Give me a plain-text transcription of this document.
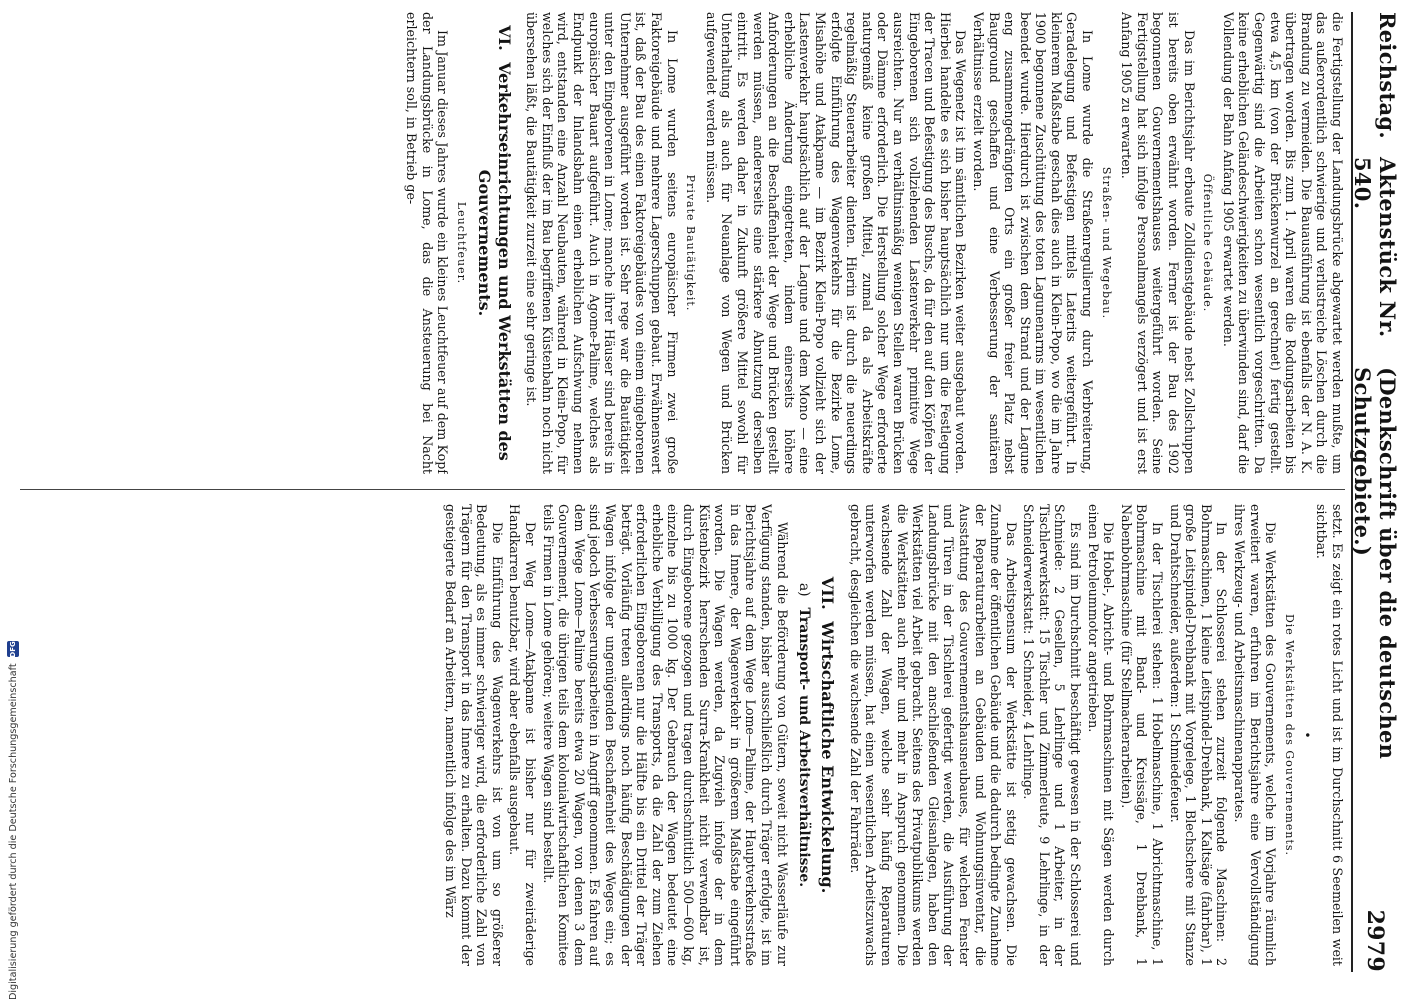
Reichstag.
Aktenstück Nr. 540.
(Denkschrift über die deutschen Schutzgebiete.)
2979

die Fertigstellung der Landungsbrücke abgewartet werden mußte, um das außerordentlich schwierige und verlustreiche Löschen durch die Brandung zu vermeiden. Die Bauausführung ist ebenfalls der N. A. K. übertragen worden. Bis zum 1. April waren die Rodungsarbeiten bis etwa 4,5 km (von der Brückenwurzel an gerechnet) fertig gestellt. Gegenwärtig sind die Arbeiten schon wesentlich vorgeschritten. Da keine erheblichen Geländeschwierigkeiten zu überwinden sind, darf die Vollendung der Bahn Anfang 1905 erwartet werden.

Öffentliche Gebäude.

Das im Berichtsjahr erbaute Zolldienstgebäude nebst Zollschuppen ist bereits oben erwähnt worden. Ferner ist der Bau des 1902 begonnenen Gouvernementshauses weitergeführt worden. Seine Fertigstellung hat sich infolge Personalmangels verzögert und ist erst Anfang 1905 zu erwarten.

Straßen- und Wegebau.

In Lome wurde die Straßenregulierung durch Verbreiterung, Geradelegung und Befestigen mittels Laterits weitergeführt. In kleinerem Maßstabe geschah dies auch in Klein-Popo, wo die im Jahre 1900 begonnene Zuschüttung des toten Lagunenarms im wesentlichen beendet wurde. Hierdurch ist zwischen dem Strand und der Lagune eng zusammengedrängten Orts ein großer freier Platz nebst Bauground geschaffen und eine Verbesserung der sanitären Verhältnisse erzielt worden.

Das Wegenetz ist im sämtlichen Bezirken weiter ausgebaut worden. Hierbei handelte es sich bisher hauptsächlich nur um die Festlegung der Tracen und Befestigung des Buschs, da für den auf den Köpfen der Eingeborenen sich vollziehenden Lastenverkehr primitive Wege ausreichten. Nur an verhältnismäßig wenigen Stellen waren Brücken oder Dämme erforderlich. Die Herstellung solcher Wege erforderte naturgemäß keine großen Mittel, zumal da als Arbeitskräfte regelmäßig Steuerarbeiter dienten. Hierin ist durch die neuerdings erfolgte Einführung des Wagenverkehrs für die Bezirke Lome, Misahöhe und Atakpame — im Bezirk Klein-Popo vollzieht sich der Lastenverkehr hauptsächlich auf der Lagune und dem Mono — eine erhebliche Änderung eingetreten, indem einerseits höhere Anforderungen an die Beschaffenheit der Wege und Brücken gestellt werden müssen, andererseits eine stärkere Abnutzung derselben eintritt. Es werden daher in Zukunft größere Mittel sowohl für Unterhaltung als auch für Neuanlage von Wegen und Brücken aufgewendet werden müssen.

Private Bautätigkeit.

In Lome wurden seitens europäischer Firmen zwei große Faktoreigebäude und mehrere Lagerschuppen gebaut. Erwähnenswert ist, daß der Bau des einen Faktoreigebäudes von einem eingeborenen Unternehmer ausgeführt worden ist. Sehr rege war die Bautätigkeit unter den Eingeborenen in Lome; manche ihrer Häuser sind bereits in europäischer Bauart aufgeführt. Auch in Agome-Palime, welches als Endpunkt der Inlandsbahn einen erheblichen Aufschwung nehmen wird, entstanden eine Anzahl Neubauten, während in Klein-Popo, für welches sich der Einfluß der im Bau begriffenen Küstenbahn noch nicht übersehen läßt, die Bautätigkeit zurzeit eine sehr geringe ist.

VI. Verkehrseinrichtungen und Werkstätten des Gouvernements.
Leuchtfeuer.

Im Januar dieses Jahres wurde ein kleines Leuchtfeuer auf dem Kopf der Landungsbrücke in Lome, das die Ansteuerung bei Nacht erleichtern soll, in Betrieb ge-

setzt. Es zeigt ein rotes Licht und ist im Durchschnitt 6 Seemeilen weit sichtbar.

•
Die Werkstätten des Gouvernements.

Die Werkstätten des Gouvernements, welche im Vorjahre räumlich erweitert waren, erfuhren im Berichtsjahre eine Vervollständigung ihres Werkzeug- und Arbeitsmaschinenapparates.

In der Schlosserei stehen zurzeit folgende Maschinen: 2 Bohrmaschinen, 1 kleine Leitspindel-Drehbank, 1 Kaltsäge (fahrbar), 1 große Leitspindel-Drehbank mit Vorgelege, 1 Blechschere mit Stanze und Drahtschneider, außerdem: 1 Schmiedefeuer.

In der Tischlerei stehen: 1 Hobelmaschine, 1 Abrichtmaschine, 1 Bohrmaschine mit Band- und Kreissäge, 1 Drehbank, 1 Nabenbohrmaschine (für Stellmacherarbeiten).

Die Hobel-, Abricht- und Bohrmaschinen mit Sägen werden durch einen Petroleummotor angetrieben.

Es sind im Durchschnitt beschäftigt gewesen in der Schlosserei und Schmiede: 2 Gesellen, 5 Lehrlinge und 1 Arbeiter, in der Tischlerwerkstatt: 15 Tischler und Zimmerleute, 9 Lehrlinge, in der Schneiderwerkstatt: 1 Schneider, 4 Lehrlinge.

Das Arbeitspensum der Werkstätte ist stetig gewachsen. Die Zunahme der öffentlichen Gebäude und die dadurch bedingte Zunahme der Reparaturarbeiten an Gebäuden und Wohnungsinventar, die Ausstattung des Gouvernementshausneubaues, für welchen Fenster und Türen in der Tischlerei gefertigt werden, die Ausführung der Landungsbrücke mit den anschließenden Gleisanlagen, haben den Werkstätten viel Arbeit gebracht. Seitens des Privatpublikums werden die Werkstätten auch mehr und mehr in Anspruch genommen. Die wachsende Zahl der Wagen, welche sehr häufig Reparaturen unterworfen werden müssen, hat einen wesentlichen Arbeitszuwachs gebracht, desgleichen die wachsende Zahl der Fahrräder.

VII. Wirtschaftliche Entwickelung.
a) Transport- und Arbeitsverhältnisse.

Während die Beförderung von Gütern, soweit nicht Wasserläufe zur Verfügung standen, bisher ausschließlich durch Träger erfolgte, ist im Berichtsjahre auf dem Wege Lome—Palime, der Hauptverkehrsstraße in das Innere, der Wagenverkehr in größerem Maßstabe eingeführt worden. Die Wagen werden, da Zugvieh infolge der in dem Küstenbezirk herrschenden Surra-Krankheit nicht verwendbar ist, durch Eingeborene gezogen und tragen durchschnittlich 500—600 kg, einzelne bis zu 1000 kg. Der Gebrauch der Wagen bedeutet eine erhebliche Verbilligung des Transports, da die Zahl der zum Ziehen erforderlichen Eingeborenen nur die Hälfte bis ein Drittel der Träger beträgt. Vorläufig treten allerdings noch häufig Beschädigungen der Wagen infolge der ungenügenden Beschaffenheit des Weges ein; es sind jedoch Verbesserungsarbeiten in Angriff genommen. Es fahren auf dem Wege Lome—Palime bereits etwa 20 Wagen, von denen 3 dem Gouvernement, die übrigen teils dem kolonialwirtschaftlichen Komitee teils Firmen in Lome gehören; weitere Wagen sind bestellt.

Der Weg Lome—Atakpame ist bisher nur für zweiräderige Handkarren benutzbar, wird aber ebenfalls ausgebaut.

Die Einführung des Wagenverkehrs ist von um so größerer Bedeutung, als es immer schwieriger wird, die erforderliche Zahl von Trägern für den Transport in das Innere zu erhalten. Dazu kommt der gesteigerte Bedarf an Arbeitern, namentlich infolge des im Wärz

Digitalisierung gefördert durch die Deutsche Forschungsgemeinschaft
DFG
